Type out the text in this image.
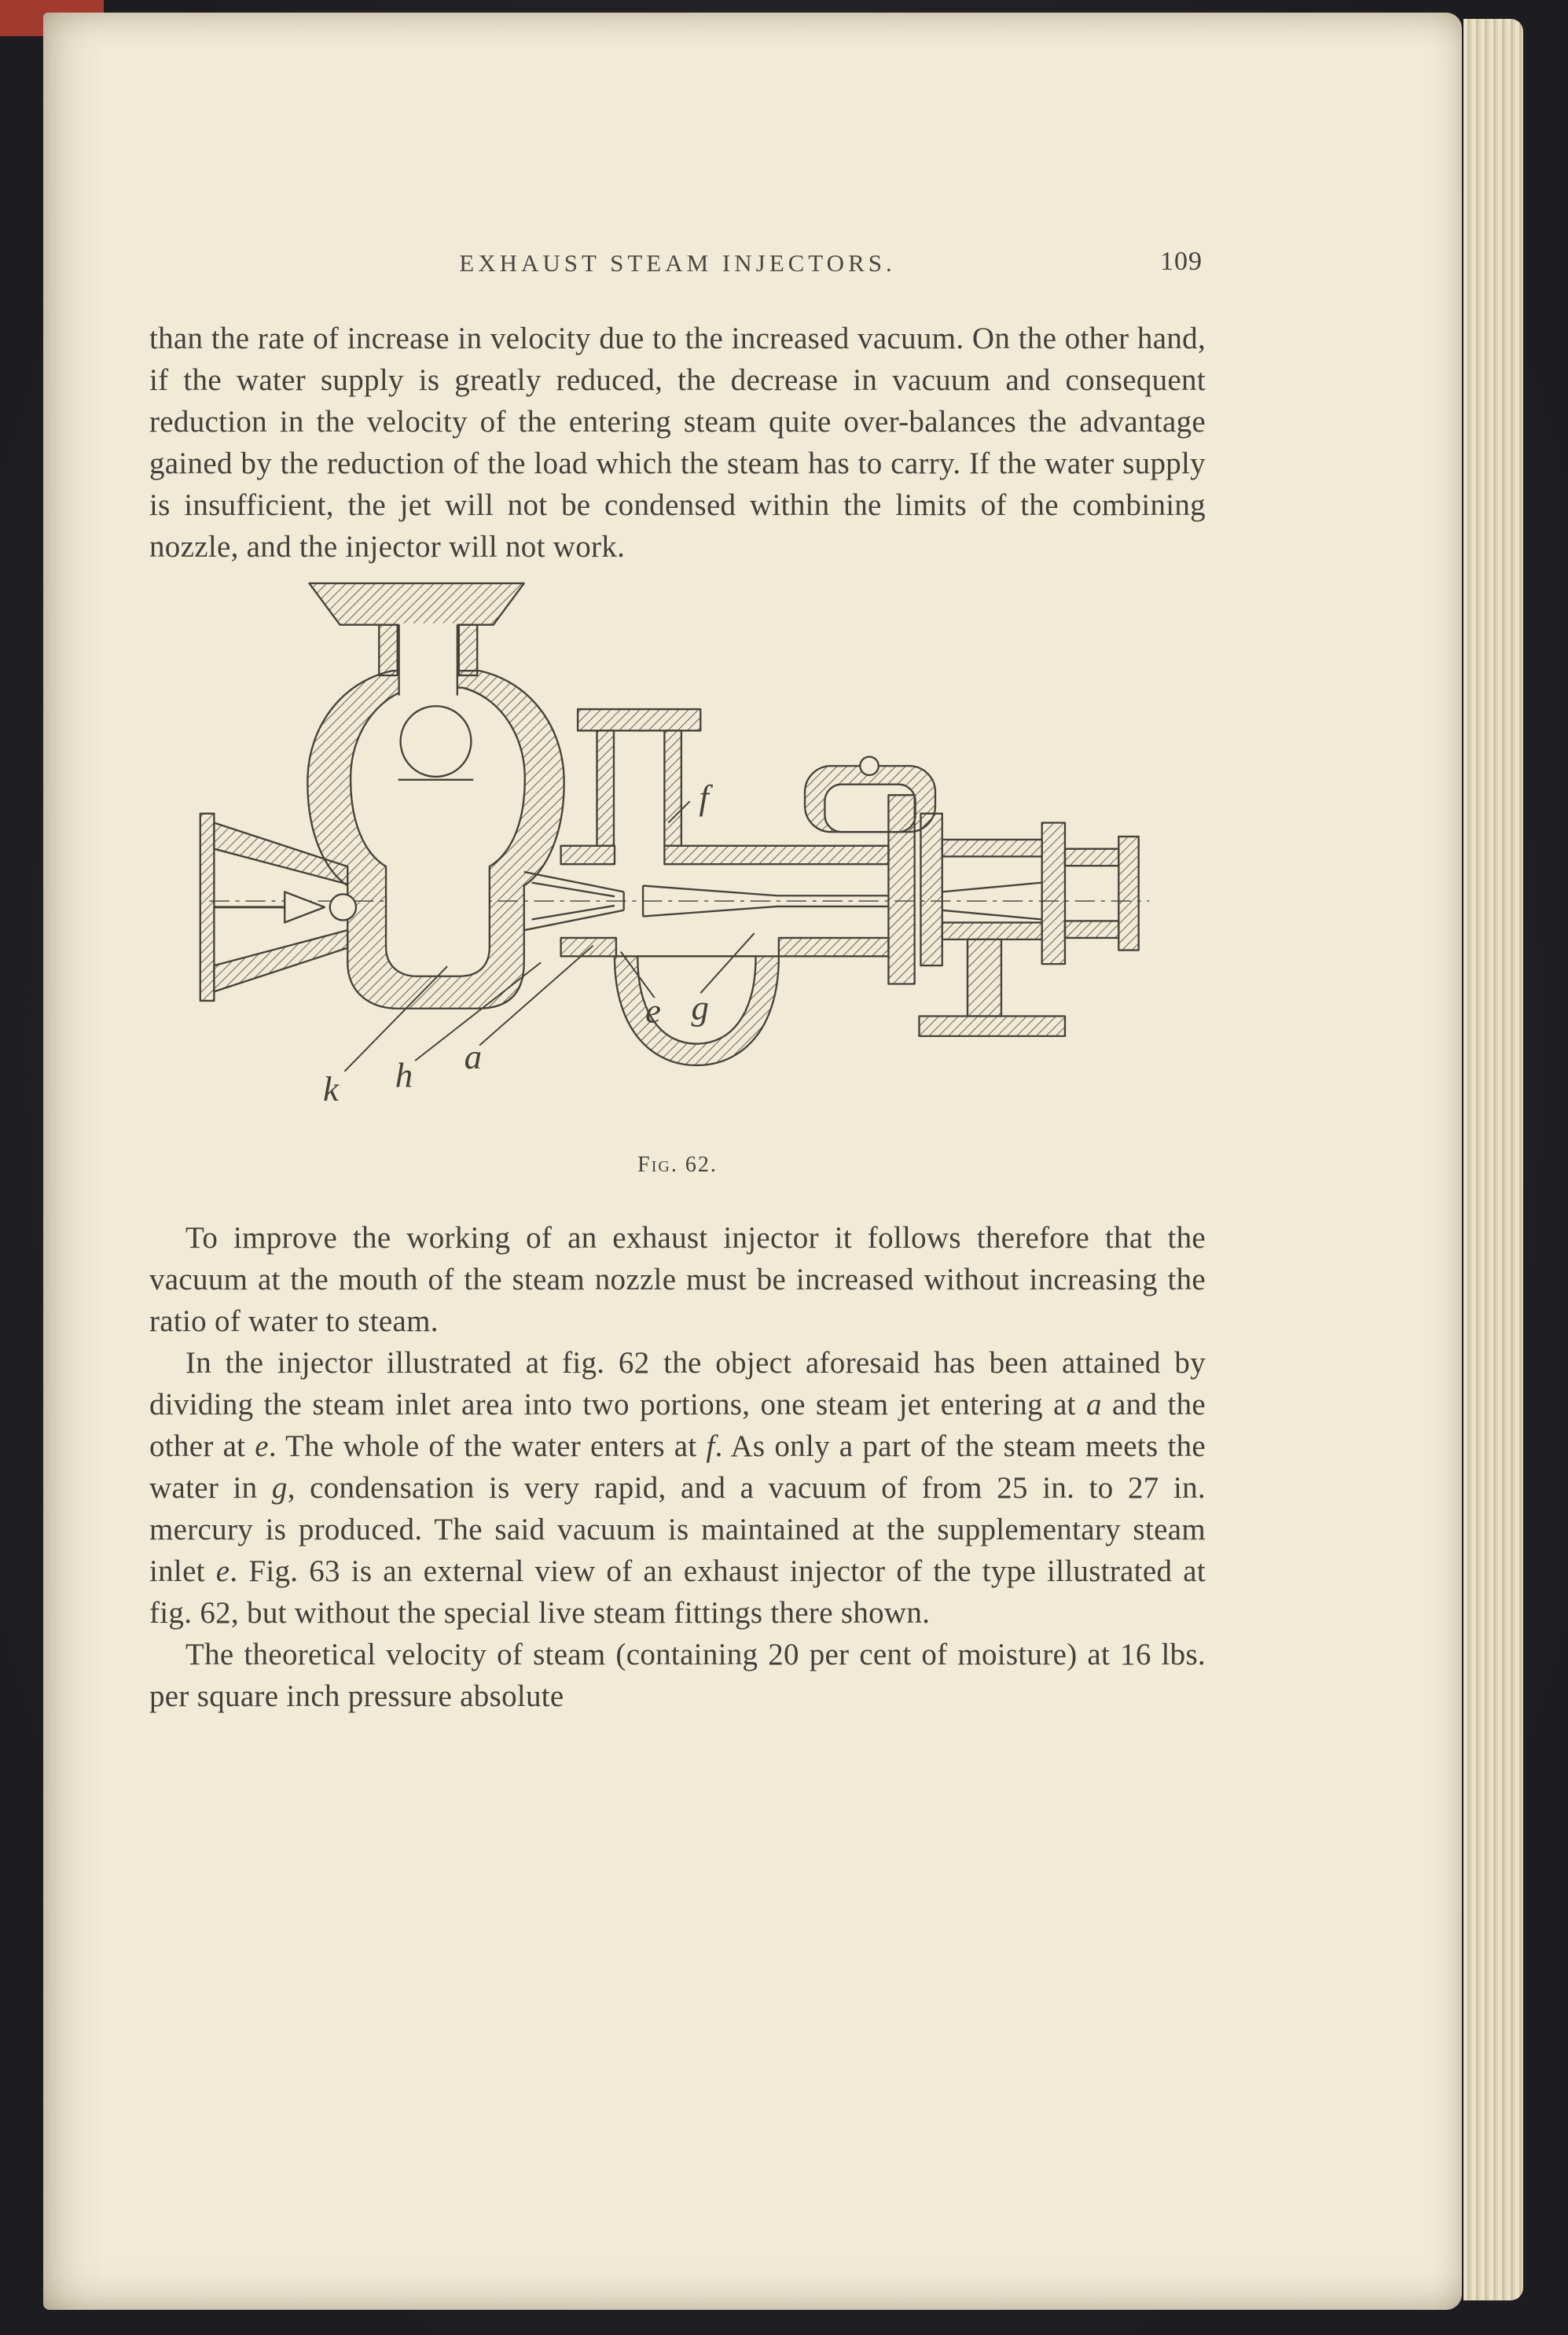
EXHAUST STEAM INJECTORS.	109

than the rate of increase in velocity due to the increased vacuum. On the other hand, if the water supply is greatly reduced, the decrease in vacuum and consequent reduction in the velocity of the entering steam quite over-balances the advantage gained by the reduction of the load which the steam has to carry. If the water supply is insufficient, the jet will not be condensed within the limits of the combining nozzle, and the injector will not work.

f
e g
k h a
Fig. 62.

To improve the working of an exhaust injector it follows therefore that the vacuum at the mouth of the steam nozzle must be increased without increasing the ratio of water to steam.

In the injector illustrated at fig. 62 the object aforesaid has been attained by dividing the steam inlet area into two portions, one steam jet entering at a and the other at e. The whole of the water enters at f. As only a part of the steam meets the water in g, condensation is very rapid, and a vacuum of from 25 in. to 27 in. mercury is produced. The said vacuum is maintained at the supplementary steam inlet e. Fig. 63 is an external view of an exhaust injector of the type illustrated at fig. 62, but without the special live steam fittings there shown.

The theoretical velocity of steam (containing 20 per cent of moisture) at 16 lbs. per square inch pressure absolute
